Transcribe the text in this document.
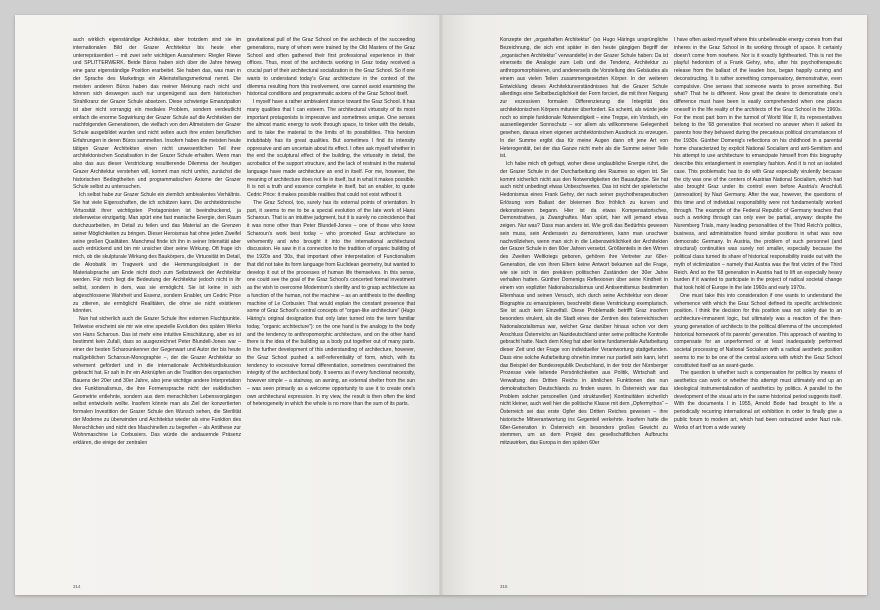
auch wirklich eigenständige Architektur, aber trotzdem sind sie im internationalen Bild der Grazer Architektur bis heute eher unterrepräsentiert – mit zwei sehr wichtigen Ausnahmen: Riegler Riewe und SPLITTERWERK. Beide Büros haben sich über die Jahre hinweg eine ganz eigenständige Position erarbeitet. Sie haben das, was man in der Sprache des Marketings ein Alleinstellungsmerkmal nennt. Die meisten anderen Büros haben das meiner Meinung nach nicht und können sich deswegen auch nur ungenügend aus dem historischen Strahlkranz der Grazer Schule absetzen. Diese schwierige Emanzipation ist aber nicht vorrangig ein mediales Problem, sondern verdeutlicht einfach die enorme Sogwirkung der Grazer Schule auf die Architekten der nachfolgenden Generationen, die vielfach von den Altmeistern der Grazer Schule ausgebildet wurden und nicht selten auch ihre ersten beruflichen Erfahrungen in deren Büros sammelten. Insofern haben die meisten heute tätigen Grazer Architekten einen nicht unwesentlichen Teil ihrer architektonischen Sozialisation in der Grazer Schule erhalten. Wenn man also das aus dieser Verstrickung resultierende Dilemma der heutigen Grazer Architektur verstehen will, kommt man nicht umhin, zunächst die historischen Bedingtheiten und programmatischen Axiome der Grazer Schule selbst zu untersuchen.

Ich selbst habe zur Grazer Schule ein ziemlich ambivalentes Verhältnis. Sie hat viele Eigenschaften, die ich schätzen kann. Die architektonische Virtuosität ihrer wichtigsten Protagonisten ist beeindruckend, ja stellenweise einzigartig. Man spürt eine fast manische Energie, den Raum durchzuarbeiten, im Detail zu feilen und das Material an die Grenzen seiner Möglichkeiten zu bringen. Dieser Heroismus hat ohne jeden Zweifel seine großen Qualitäten. Manchmal finde ich ihn in seiner Intensität aber auch erdrückend und bin mir unsicher über seine Wirkung. Oft frage ich mich, ob die skulpturale Wirkung des Baukörpers, die Virtuosität im Detail, die Akrobatik im Tragwerk und die Hemmungslosigkeit in der Materialsprache am Ende nicht doch zum Selbstzweck der Architektur werden. Für mich liegt die Bedeutung der Architektur jedoch nicht in ihr selbst, sondern in dem, was sie ermöglicht. Sie ist keine in sich abgeschlossene Wahrheit und Essenz, sondern Enabler, um Cedric Price zu zitieren, sie ermöglicht Realitäten, die ohne sie nicht existieren könnten.

Nun hat sicherlich auch die Grazer Schule ihre externen Fluchtpunkte. Teilweise erscheint sie mir wie eine spezielle Evolution des späten Werks von Hans Scharoun. Das ist mehr eine intuitive Einschätzung, aber es ist bestimmt kein Zufall, dass so ausgezeichnet Peter Blundell-Jones war – einer der besten Scharounkenner der Gegenwart und Autor der bis heute maßgeblichen Scharoun-Monographie –, der die Grazer Architektur so vehement gefördert und in die internationale Architekturdiskussion gebracht hat. Er sah in ihr ein Anknüpfen an die Tradition des organischen Bauens der 20er und 30er Jahre, also jene wichtige andere Interpretation des Funktionalismus, die ihre Formensprache nicht der euklidischen Geometrie entlehnte, sondern aus dem menschlichen Lebensvorgängen selbst entwickeln wollte. Insofern könnte man als Ziel der konzertierten formalen Investition der Grazer Schule den Wunsch sehen, die Sterilität der Moderne zu überwinden und Architektur wieder als eine Funktion des Menschlichen und nicht des Maschinellen zu begreifen – als Antithese zur Wohnmaschine Le Corbusiers. Das würde die andauernde Präsenz erklären, die einige der zentralen

gravitational pull of the Graz School on the architects of the succeeding generations, many of whom were trained by the Old Masters of the Graz School and often gathered their first professional experience in their offices. Thus, most of the architects working in Graz today received a crucial part of their architectural socialization in the Graz School. So if one wants to understand today's Graz architecture in the context of the dilemma resulting from this involvement, one cannot avoid examining the historical conditions and programmatic axioms of the Graz School itself.

I myself have a rather ambivalent stance toward the Graz School. It has many qualities that I can esteem. The architectural virtuosity of its most important protagonists is impressive and sometimes unique. One senses the almost manic energy to work through space, to tinker with the details, and to take the material to the limits of its possibilities. This heroism indubitably has its great qualities. But sometimes I find its intensity oppressive and am uncertain about its effect. I often ask myself whether in the end the sculptural effect of the building, the virtuosity in detail, the acrobatics of the support structure, and the lack of restraint in the material language have made architecture an end in itself. For me, however, the meaning of architecture does not lie in itself, but in what it makes possible. It is not a truth and essence complete in itself, but an enabler, to quote Cedric Price: it makes possible realities that could not exist without it.

The Graz School, too, surely has its external points of orientation. In part, it seems to me to be a special evolution of the late work of Hans Scharoun. That is an intuitive judgment, but it is surely no coincidence that it was none other than Peter Blundell-Jones – one of those who know Scharoun's work best today – who promoted Graz architecture so vehemently and who brought it into the international architectural discussion. He saw in it a connection to the tradition of organic building of the 1920s and '30s, that important other interpretation of Functionalism that did not take its form language from Euclidean geometry, but wanted to develop it out of the processes of human life themselves. In this sense, one could see the goal of the Graz School's concerted formal investment as the wish to overcome Modernism's sterility and to grasp architecture as a function of the human, not the machine – as an antithesis to the dwelling machine of Le Corbusier. That would explain the constant presence that some of Graz School's central concepts of "organ-like architecture" (Hugo Häring's original designation that only later turned into the term familiar today, "organic architecture"): on the one hand is the analogy to the body and the tendency to anthropomorphic architecture, and on the other hand there is the idea of the building as a body put together out of many parts. In the further development of this understanding of architecture, however, the Graz School pushed a self-referentiality of form, which, with its tendency to excessive formal differentiation, sometimes overstrained the integrity of the architectural body. It seems as if every functional necessity, however simple – a stairway, an awning, an external shelter from the sun – was seen primarily as a welcome opportunity to use it to create one's own architectural expression. In my view, the result is then often the kind of heterogeneity in which the whole is no more than the sum of its parts.

314

Konzepte der „organhaften Architektur“ (so Hugo Härings ursprüngliche Bezeichnung, die sich erst später in den heute gängigen Begriff der „organischen Architektur“ verwandelte) in der Grazer Schule haben: Da ist einerseits die Analogie zum Leib und die Tendenz, Architektur zu anthropomorphisieren, und andererseits die Vorstellung des Gebäudes als einem aus vielen Teilen zusammengesetzten Körper. In der weiteren Entwicklung dieses Architekturverständnisses hat die Grazer Schule allerdings eine Selbstbezüglichkeit der Form forciert, die mit ihrer Neigung zur exzessiven formalen Differenzierung die Integrität des architektonischen Körpers mitunter überfordert. Es scheint, als würde jede noch so simple funktionale Notwendigkeit – eine Treppe, ein Vordach, ein aussenliegender Sonnschutz – vor allem als willkommene Gelegenheit gesehen, daraus einen eigenen architektonischen Ausdruck zu erzeugen. In der Summe ergibt das für meine Augen dann oft jene Art von Heterogenität, bei der das Ganze nicht mehr als die Summe seiner Teile ist.

Ich habe mich oft gefragt, woher diese unglaubliche Energie rührt, die der Grazer Schule in der Durcharbeitung des Raumes so eigen ist. Sie kommt sicherlich nicht aus den Notwendigkeiten der Bauaufgabe. Sie hat auch nicht unbedingt etwas Unbeschwertes. Das ist nicht der spielerische Hedonismus eines Frank Gehry, der nach seiner psychotherapeutischen Erlösung vom Ballast der bleiernen Box fröhlich zu kurven und dekonstruieren begann. Hier ist da etwas Kompensatorisches, Demonstratives, ja Zwanghaftes. Man spürt, hier will jemand etwas zeigen. Nur was? Dass man anders ist. Wie groß das Bedürfnis gewesen sein muss, sein Anderssein zu demonstrieren, kann man unschwer nachvollziehen, wenn man sich in die Lebenswirklichkeit der Architekten der Grazer Schule in den 60er Jahren versetzt. Größtenteils in den Wirren des Zweiten Weltkriegs geboren, gehören ihre Vertreter zur 68er-Generation, die von ihren Eltern keine Antwort bekamen auf die Frage, wie sie sich in den prekären politischen Zuständen der 30er Jahre verhalten hatten. Günther Domenigs Reflexionen über seine Kindheit in einem von expliziter Nationalsozialismus und Antisemitismus bestimmten Elternhaus und seinen Versuch, sich durch seine Architektur von dieser Biographie zu emanzipieren, beschreibt diese Verstrickung exemplarisch. Sie ist auch kein Einzelfall. Diese Problematik betrifft Graz insofern besonders virulent, als die Stadt eines der Zentren des österreichischen Nationalsozialismus war, welcher Graz darüber hinaus schon vor dem Anschluss Österreichs an Nazideutschland unter seine politische Kontrolle gebracht hatte. Nach dem Krieg hat aber keine fundamentale Aufarbeitung dieser Zeit und der Frage von individueller Verantwortung stattgefunden. Dass eine solche Aufarbeitung ohnehin immer nur partiell sein kann, lehrt das Beispiel der Bundesrepublik Deutschland, in der trotz der Nürnberger Prozesse viele leitende Persönlichkeiten aus Politik, Wirtschaft und Verwaltung des Dritten Reichs in ähnlichen Funktionen des nun demokratischen Deutschlands zu finden waren. In Österreich war das Problem solcher personellen (und struktureller) Kontinuitäten sicherlich nicht kleiner, auch weil hier die politische Klasse mit dem „Opfermythos“ – Österreich sei das erste Opfer des Dritten Reiches gewesen – ihre historische Mitverantwortung ins Gegenteil verkehrte. Insofern hatte die 68er-Generation in Österreich ein besonders großes Gewicht zu stemmen, um an dem Projekt des gesellschaftlichen Aufbruchs mitzuwirken, das Europa in den späten 60er

I have often asked myself where this unbelievable energy comes from that inheres in the Graz School in its working through of space. It certainly doesn't come from nowhere. Nor is it exactly lighthearted. This is not the playful hedonism of a Frank Gehry, who, after his psychotherapeutic release from the ballast of the leaden box, began happily curving and deconstructing. It is rather something compensatory, demonstrative, even compulsive. One senses that someone wants to prove something. But what? That he is different. How great the desire to demonstrate one's difference must have been is easily comprehended when one places oneself in the life reality of the architects of the Graz School in the 1960s. For the most part born in the turmoil of World War II, its representatives belong to the '68 generation that received no answer when it asked its parents how they behaved during the precarious political circumstances of the 1930s. Günther Domenig's reflections on his childhood in a parental home characterized by explicit National Socialism and anti-Semitism and his attempt to use architecture to emancipate himself from this biography describe this entanglement in exemplary fashion. And it is not an isolated case. This problematic has to do with Graz especially virulently because the city was one of the centers of Austrian National Socialism, which had also brought Graz under its control even before Austria's Anschluß (annexation) by Nazi Germany. After the war, however, the questions of this time and of individual responsibility were not fundamentally worked through. The example of the Federal Republic of Germany teaches that such a working through can only ever be partial, anyway: despite the Nuremberg Trials, many leading personalities of the Third Reich's politics, business, and administration found similar positions in what was now democratic Germany. In Austria, the problem of such personnel (and structural) continuities was surely not smaller, especially because the political class turned its share of historical responsibility inside out with the myth of victimization – namely that Austria was the first victim of the Third Reich. And so the '68 generation in Austria had to lift an especially heavy burden if it wanted to participate in the project of radical societal change that took hold of Europe in the late 1960s and early 1970s.

One must take this into consideration if one wants to understand the vehemence with which the Graz School defined its specific architectonic position. I think the decision for this position was not solely due to an architecture-immanent logic, but ultimately was a reaction of the then-young generation of architects to the political dilemma of the uncompleted historical homework of its parents' generation. This approach of wanting to compensate for an unperformed or at least inadequately performed societal processing of National Socialism with a radical aesthetic position seems to me to be one of the central axioms with which the Graz School constituted itself as an avant-garde.

The question is whether such a compensation for politics by means of aesthetics can work or whether this attempt must ultimately end up an ideological instrumentalization of aesthetics by politics. A parallel to the development of the visual arts in the same historical period suggests itself. With the documenta I in 1955, Arnold Bode had brought to life a periodically recurring international art exhibition in order to finally give a public forum to modern art, which had been ostracized under Nazi rule. Works of art from a wide variety

315
